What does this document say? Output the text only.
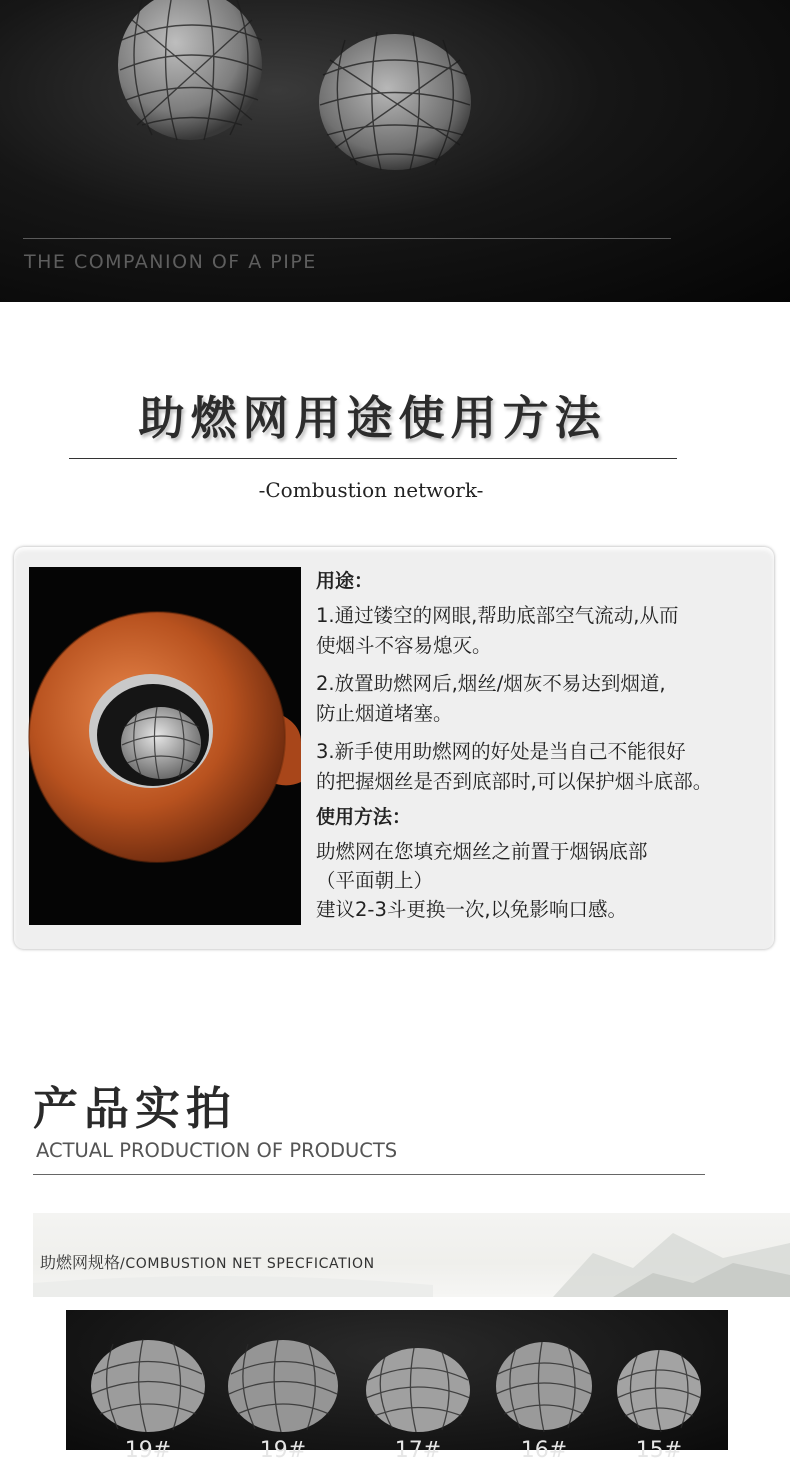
THE COMPANION OF A PIPE
助燃网用途使用方法
-Combustion network-
用途：
1.通过镂空的网眼,帮助底部空气流动,从而
使烟斗不容易熄灭。
2.放置助燃网后,烟丝/烟灰不易达到烟道,
防止烟道堵塞。
3.新手使用助燃网的好处是当自己不能很好
的把握烟丝是否到底部时,可以保护烟斗底部。
使用方法：
助燃网在您填充烟丝之前置于烟锅底部
（平面朝上）
建议2-3斗更换一次,以免影响口感。
产品实拍
ACTUAL PRODUCTION OF PRODUCTS
助燃网规格/COMBUSTION NET SPECFICATION
19#	19#	17#	16#	15#
